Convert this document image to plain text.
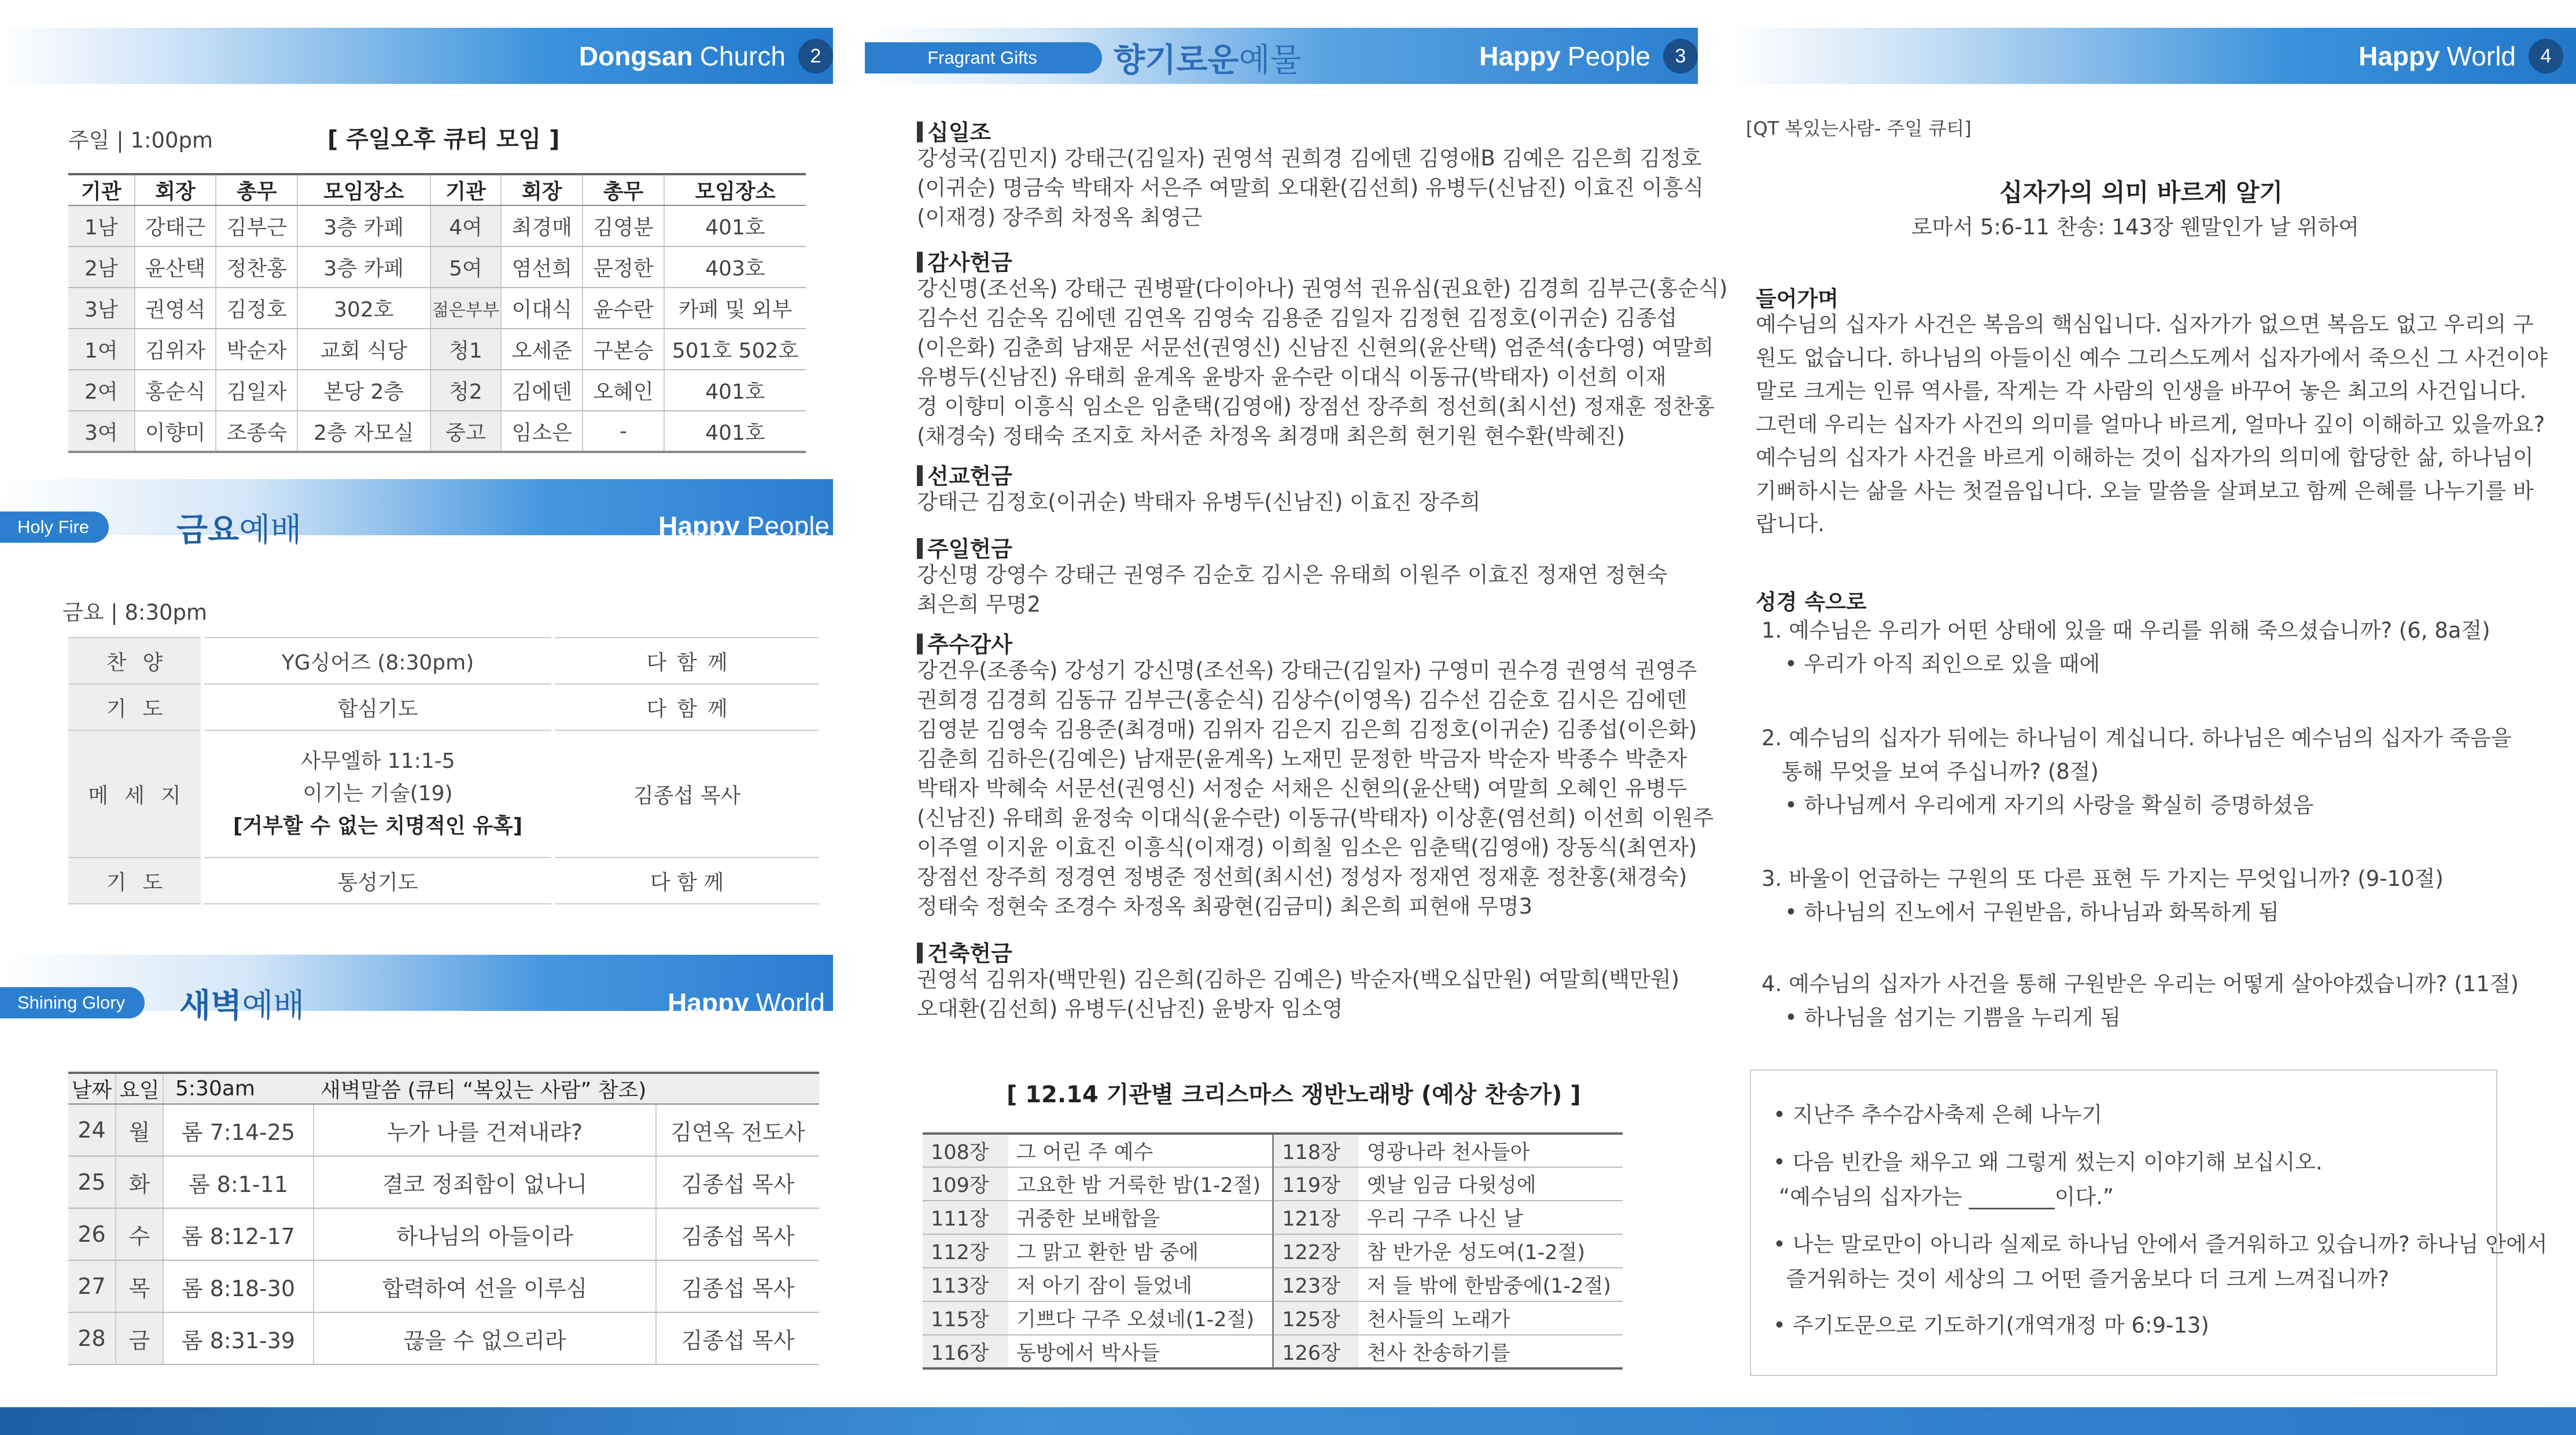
Dongsan Church	2
주일 | 1:00pm	[ 주일오후 큐티 모임 ]
기관	회장	총무	모임장소	기관	회장	총무	모임장소
1남	강태근	김부근	3층 카페	4여	최경매	김영분	401호
2남	윤산택	정찬홍	3층 카페	5여	염선희	문정한	403호
3남	권영석	김정호	302호	젊은부부	이대식	윤수란	카페 및 외부
1여	김위자	박순자	교회 식당	청1	오세준	구본승	501호 502호
2여	홍순식	김일자	본당 2층	청2	김에덴	오혜인	401호
3여	이향미	조종숙	2층 자모실	중고	임소은	-	401호
Holy Fire	금요예배	Happy People
금요 | 8:30pm
찬양	YG싱어즈 (8:30pm)	다함께
기도	합심기도	다함께
메세지	사무엘하 11:1-5
이기는 기술(19)
[거부할 수 없는 치명적인 유혹]	김종섭 목사
기도	통성기도	다 함 께
Shining Glory	새벽예배	Happy World
날짜	요일	5:30am	새벽말씀 (큐티 “복있는 사람” 참조)	
24	월	롬 7:14-25	누가 나를 건져내랴?	김연옥 전도사
25	화	롬 8:1-11	결코 정죄함이 없나니	김종섭 목사
26	수	롬 8:12-17	하나님의 아들이라	김종섭 목사
27	목	롬 8:18-30	합력하여 선을 이루심	김종섭 목사
28	금	롬 8:31-39	끊을 수 없으리라	김종섭 목사
Fragrant Gifts	향기로운예물	Happy People	3
십일조
강성국(김민지) 강태근(김일자) 권영석 권희경 김에덴 김영애B 김예은 김은희 김정호
(이귀순) 명금숙 박태자 서은주 여말희 오대환(김선희) 유병두(신남진) 이효진 이흥식
(이재경) 장주희 차정옥 최영근
감사헌금
강신명(조선옥) 강태근 권병팔(다이아나) 권영석 권유심(권요한) 김경희 김부근(홍순식)
김수선 김순옥 김에덴 김연옥 김영숙 김용준 김일자 김정현 김정호(이귀순) 김종섭
(이은화) 김춘희 남재문 서문선(권영신) 신남진 신현의(윤산택) 엄준석(송다영) 여말희
유병두(신남진) 유태희 윤계옥 윤방자 윤수란 이대식 이동규(박태자) 이선희 이재
경 이향미 이흥식 임소은 임춘택(김영애) 장점선 장주희 정선희(최시선) 정재훈 정찬홍
(채경숙) 정태숙 조지호 차서준 차정옥 최경매 최은희 현기원 현수환(박혜진)
선교헌금
강태근 김정호(이귀순) 박태자 유병두(신남진) 이효진 장주희
주일헌금
강신명 강영수 강태근 권영주 김순호 김시은 유태희 이원주 이효진 정재연 정현숙
최은희 무명2
추수감사
강건우(조종숙) 강성기 강신명(조선옥) 강태근(김일자) 구영미 권수경 권영석 권영주
권희경 김경희 김동규 김부근(홍순식) 김상수(이영옥) 김수선 김순호 김시은 김에덴
김영분 김영숙 김용준(최경매) 김위자 김은지 김은희 김정호(이귀순) 김종섭(이은화)
김춘희 김하은(김예은) 남재문(윤계옥) 노재민 문정한 박금자 박순자 박종수 박춘자
박태자 박혜숙 서문선(권영신) 서정순 서채은 신현의(윤산택) 여말희 오혜인 유병두
(신남진) 유태희 윤정숙 이대식(윤수란) 이동규(박태자) 이상훈(염선희) 이선희 이원주
이주열 이지윤 이효진 이흥식(이재경) 이희칠 임소은 임춘택(김영애) 장동식(최연자)
장점선 장주희 정경연 정병준 정선희(최시선) 정성자 정재연 정재훈 정찬홍(채경숙)
정태숙 정현숙 조경수 차정옥 최광현(김금미) 최은희 피현애 무명3
건축헌금
권영석 김위자(백만원) 김은희(김하은 김예은) 박순자(백오십만원) 여말희(백만원)
오대환(김선희) 유병두(신남진) 윤방자 임소영
[ 12.14 기관별 크리스마스 쟁반노래방 (예상 찬송가) ]
108장	그 어린 주 예수	118장	영광나라 천사들아
109장	고요한 밤 거룩한 밤(1-2절)	119장	옛날 임금 다윗성에
111장	귀중한 보배합을	121장	우리 구주 나신 날
112장	그 맑고 환한 밤 중에	122장	참 반가운 성도여(1-2절)
113장	저 아기 잠이 들었네	123장	저 들 밖에 한밤중에(1-2절)
115장	기쁘다 구주 오셨네(1-2절)	125장	천사들의 노래가
116장	동방에서 박사들	126장	천사 찬송하기를
Happy World	4
[QT 복있는사람- 주일 큐티]
십자가의 의미 바르게 알기
로마서 5:6-11 찬송: 143장 웬말인가 날 위하여
들어가며
예수님의 십자가 사건은 복음의 핵심입니다. 십자가가 없으면 복음도 없고 우리의 구
원도 없습니다. 하나님의 아들이신 예수 그리스도께서 십자가에서 죽으신 그 사건이야
말로 크게는 인류 역사를, 작게는 각 사람의 인생을 바꾸어 놓은 최고의 사건입니다.
그런데 우리는 십자가 사건의 의미를 얼마나 바르게, 얼마나 깊이 이해하고 있을까요?
예수님의 십자가 사건을 바르게 이해하는 것이 십자가의 의미에 합당한 삶, 하나님이
기뻐하시는 삶을 사는 첫걸음입니다. 오늘 말씀을 살펴보고 함께 은혜를 나누기를 바
랍니다.
성경 속으로
1. 예수님은 우리가 어떤 상태에 있을 때 우리를 위해 죽으셨습니까? (6, 8a절)
• 우리가 아직 죄인으로 있을 때에
2. 예수님의 십자가 뒤에는 하나님이 계십니다. 하나님은 예수님의 십자가 죽음을
통해 무엇을 보여 주십니까? (8절)
• 하나님께서 우리에게 자기의 사랑을 확실히 증명하셨음
3. 바울이 언급하는 구원의 또 다른 표현 두 가지는 무엇입니까? (9-10절)
• 하나님의 진노에서 구원받음, 하나님과 화목하게 됨
4. 예수님의 십자가 사건을 통해 구원받은 우리는 어떻게 살아야겠습니까? (11절)
• 하나님을 섬기는 기쁨을 누리게 됨
• 지난주 추수감사축제 은혜 나누기
• 다음 빈칸을 채우고 왜 그렇게 썼는지 이야기해 보십시오.
“예수님의 십자가는 ________이다.”
• 나는 말로만이 아니라 실제로 하나님 안에서 즐거워하고 있습니까? 하나님 안에서
즐거워하는 것이 세상의 그 어떤 즐거움보다 더 크게 느껴집니까?
• 주기도문으로 기도하기(개역개정 마 6:9-13)
